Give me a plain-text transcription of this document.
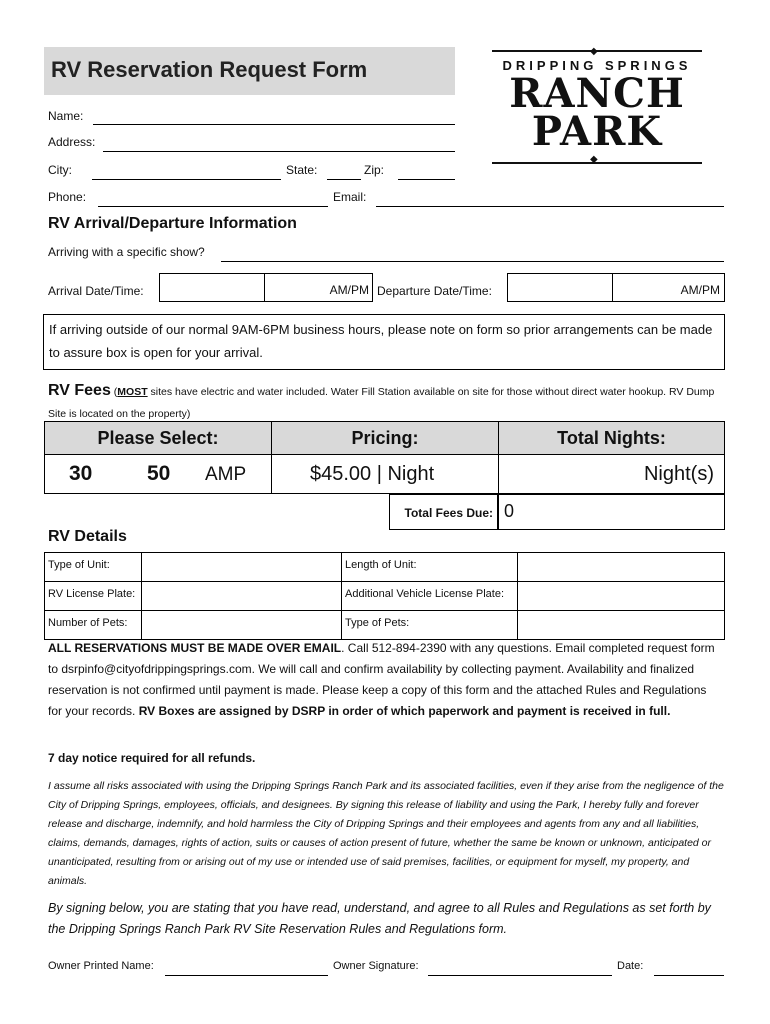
RV Reservation Request Form
◆
DRIPPING SPRINGS
RANCH
PARK
◆
Name:
Address:
City:	State:	Zip:
Phone:	Email:
RV Arrival/Departure Information
Arriving with a specific show?
Arrival Date/Time:	AM/PM Departure Date/Time:	AM/PM
If arriving outside of our normal 9AM-6PM business hours, please note on form so prior arrangements can be made to assure box is open for your arrival.
RV Fees (MOST sites have electric and water included. Water Fill Station available on site for those without direct water hookup. RV Dump Site is located on the property)
Please Select:	Pricing:	Total Nights:
30	50 AMP	$45.00 | Night	Night(s)
Total Fees Due: 0
RV Details
Type of Unit:	Length of Unit:
RV License Plate:	Additional Vehicle License Plate:
Number of Pets:	Type of Pets:
ALL RESERVATIONS MUST BE MADE OVER EMAIL. Call 512-894-2390 with any questions. Email completed request form to dsrpinfo@cityofdrippingsprings.com. We will call and confirm availability by collecting payment. Availability and finalized reservation is not confirmed until payment is made. Please keep a copy of this form and the attached Rules and Regulations for your records. RV Boxes are assigned by DSRP in order of which paperwork and payment is received in full.
7 day notice required for all refunds.
I assume all risks associated with using the Dripping Springs Ranch Park and its associated facilities, even if they arise from the negligence of the City of Dripping Springs, employees, officials, and designees. By signing this release of liability and using the Park, I hereby fully and forever release and discharge, indemnify, and hold harmless the City of Dripping Springs and their employees and agents from any and all liabilities, claims, demands, damages, rights of action, suits or causes of action present of future, whether the same be known or unknown, anticipated or unanticipated, resulting from or arising out of my use or intended use of said premises, facilities, or equipment for myself, my property, and animals.
By signing below, you are stating that you have read, understand, and agree to all Rules and Regulations as set forth by the Dripping Springs Ranch Park RV Site Reservation Rules and Regulations form.
Owner Printed Name:	Owner Signature:	Date:
